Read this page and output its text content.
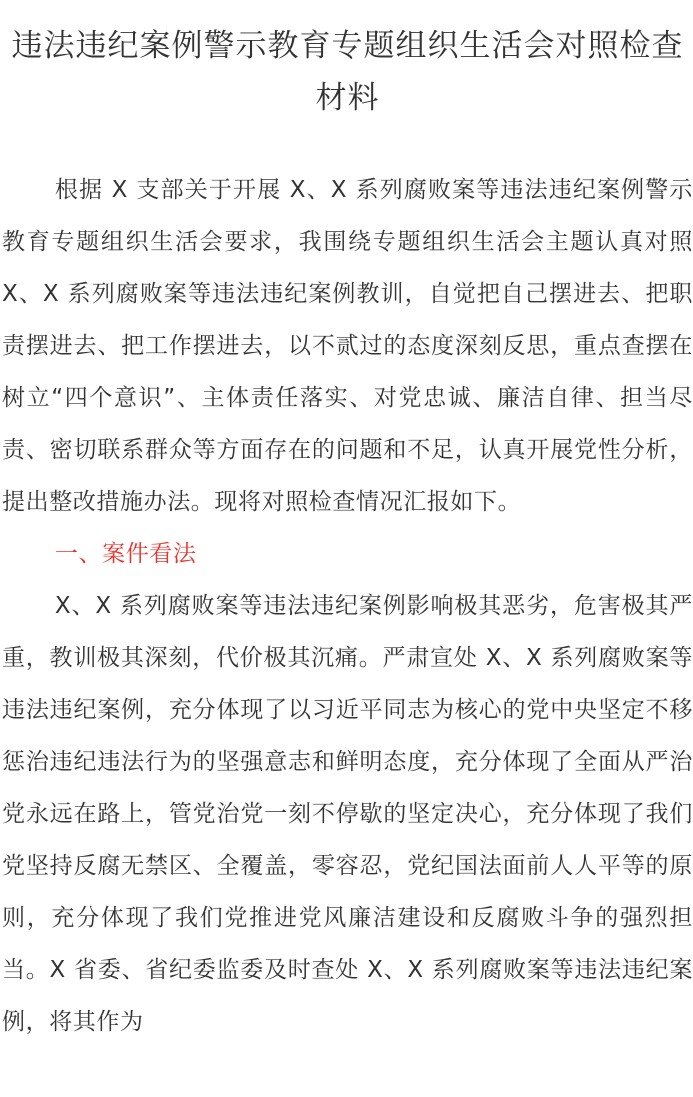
违法违纪案例警示教育专题组织生活会对照检查材料

根据 X 支部关于开展 X、X 系列腐败案等违法违纪案例警示教育专题组织生活会要求，我围绕专题组织生活会主题认真对照 X、X 系列腐败案等违法违纪案例教训，自觉把自己摆进去、把职责摆进去、把工作摆进去，以不贰过的态度深刻反思，重点查摆在树立“四个意识”、主体责任落实、对党忠诚、廉洁自律、担当尽责、密切联系群众等方面存在的问题和不足，认真开展党性分析，提出整改措施办法。现将对照检查情况汇报如下。

一、案件看法

X、X 系列腐败案等违法违纪案例影响极其恶劣，危害极其严重，教训极其深刻，代价极其沉痛。严肃宣处 X、X 系列腐败案等违法违纪案例，充分体现了以习近平同志为核心的党中央坚定不移惩治违纪违法行为的坚强意志和鲜明态度，充分体现了全面从严治党永远在路上，管党治党一刻不停歇的坚定决心，充分体现了我们党坚持反腐无禁区、全覆盖，零容忍，党纪国法面前人人平等的原则，充分体现了我们党推进党风廉洁建设和反腐败斗争的强烈担当。X 省委、省纪委监委及时查处 X、X 系列腐败案等违法违纪案例，将其作为
